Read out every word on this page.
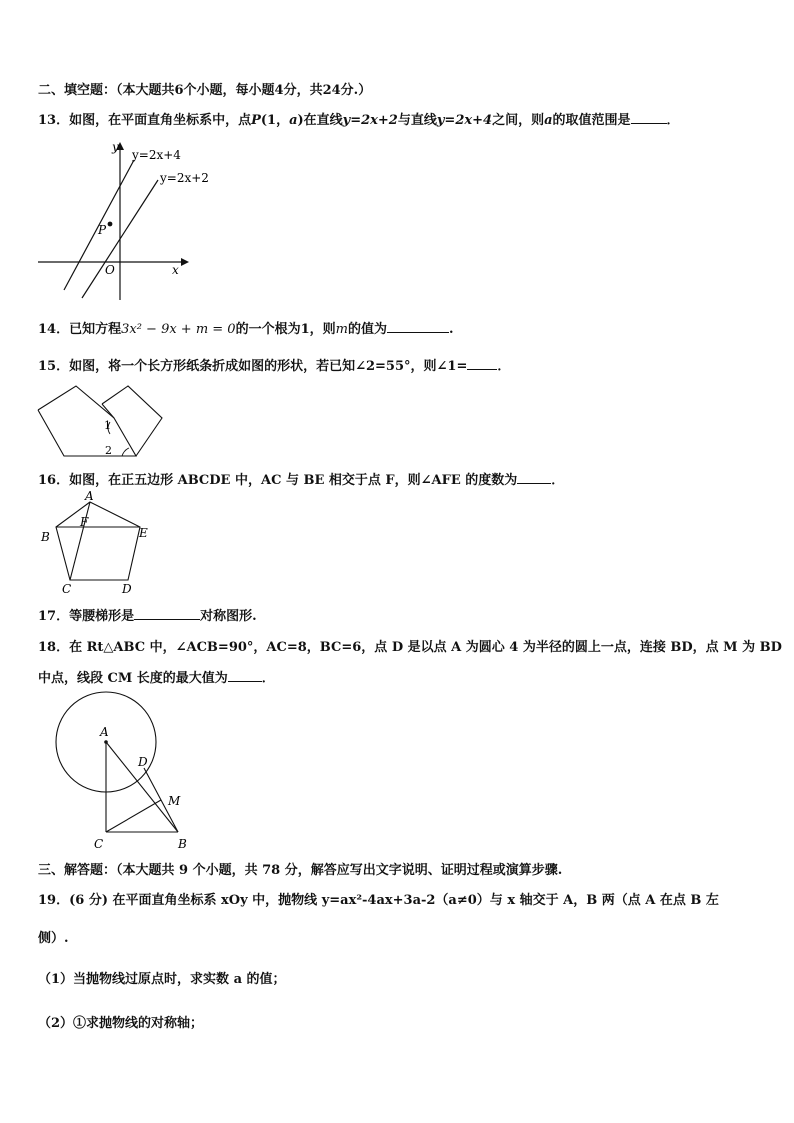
二、填空题：（本大题共6个小题，每小题4分，共24分.）
13．如图，在平面直角坐标系中，点P(1，a)在直线y=2x+2与直线y=2x+4之间，则a的取值范围是	．
y
x
O
P
y=2x+4
y=2x+2
14．已知方程3x² − 9x + m = 0的一个根为1，则m的值为	.
15．如图，将一个长方形纸条折成如图的形状，若已知∠2=55°，则∠1= ．
1
2
16．如图，在正五边形 ABCDE 中，AC 与 BE 相交于点 F，则∠AFE 的度数为	．
A
B
C	D
E
F
17．等腰梯形是	对称图形.
18．在 Rt△ABC 中，∠ACB=90°，AC=8，BC=6，点 D 是以点 A 为圆心 4 为半径的圆上一点，连接 BD，点 M 为 BD
中点，线段 CM 长度的最大值为	．
A
D
M
C	B
三、解答题：（本大题共 9 个小题，共 78 分，解答应写出文字说明、证明过程或演算步骤.
19．(6 分) 在平面直角坐标系 xOy 中，抛物线 y=ax²-4ax+3a-2（a≠0）与 x 轴交于 A，B 两（点 A 在点 B 左
侧）.
（1）当抛物线过原点时，求实数 a 的值；
（2）①求抛物线的对称轴；
